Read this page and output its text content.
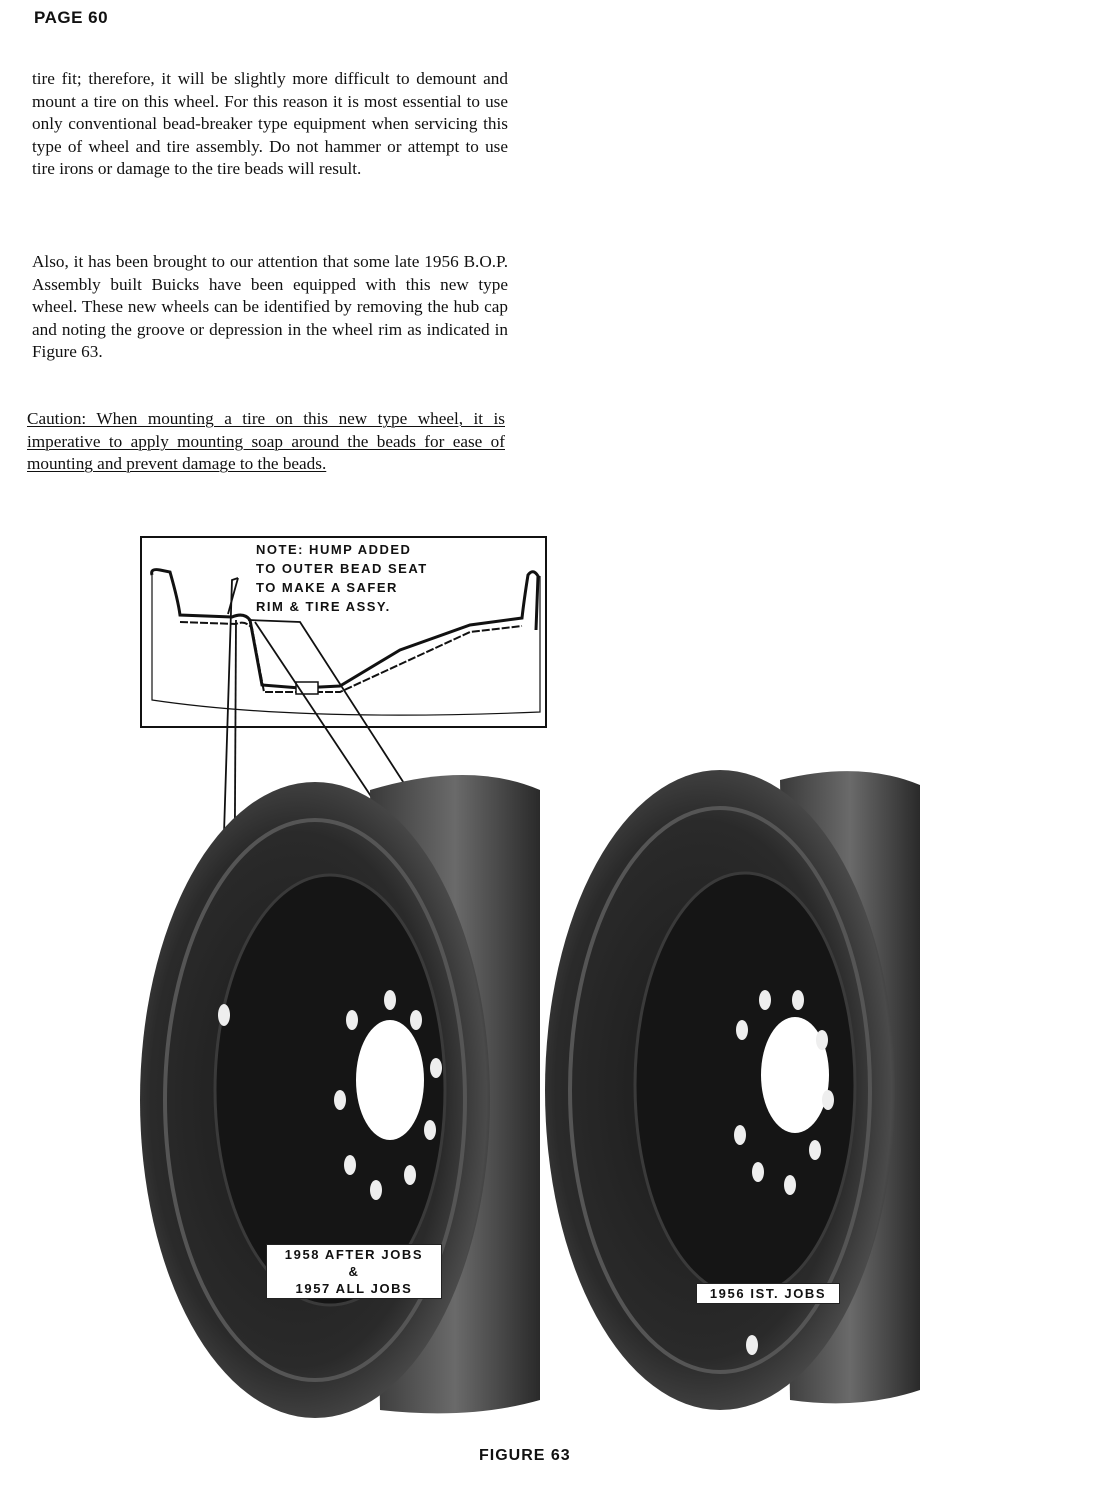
PAGE 60

tire fit; therefore, it will be slightly more difficult to demount and mount a tire on this wheel. For this reason it is most essential to use only conventional bead-breaker type equipment when servicing this type of wheel and tire assembly. Do not hammer or attempt to use tire irons or damage to the tire beads will result.

Also, it has been brought to our attention that some late 1956 B.O.P. Assembly built Buicks have been equipped with this new type wheel. These new wheels can be identified by removing the hub cap and noting the groove or depression in the wheel rim as indicated in Figure 63.

Caution: When mounting a tire on this new type wheel, it is imperative to apply mounting soap around the beads for ease of mounting and prevent damage to the beads.

NOTE: HUMP ADDED
TO OUTER BEAD SEAT
TO MAKE A SAFER
RIM & TIRE ASSY.

1958 AFTER JOBS
&
1957 ALL JOBS	1956 IST. JOBS
FIGURE 63
